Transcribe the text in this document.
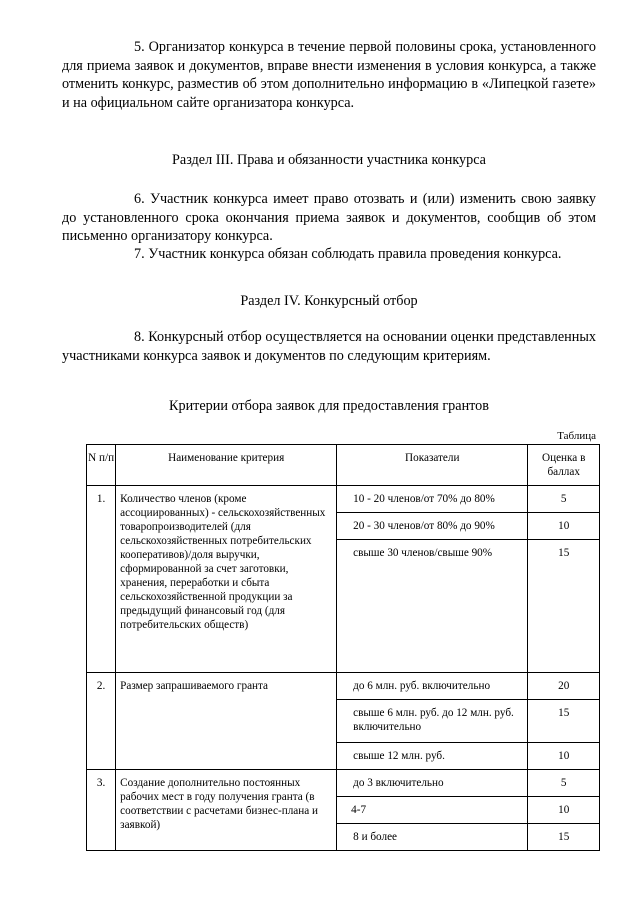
5. Организатор конкурса в течение первой половины срока, установленного для приема заявок и документов, вправе внести изменения в условия конкурса, а также отменить конкурс, разместив об этом дополнительно информацию в «Липецкой газете» и на официальном сайте организатора конкурса.
Раздел III. Права и обязанности участника конкурса
6. Участник конкурса имеет право отозвать и (или) изменить свою заявку до установленного срока окончания приема заявок и документов, сообщив об этом письменно организатору конкурса.
7. Участник конкурса обязан соблюдать правила проведения конкурса.
Раздел IV. Конкурсный отбор
8. Конкурсный отбор осуществляется на основании оценки представленных участниками конкурса заявок и документов по следующим критериям.
Критерии отбора заявок для предоставления грантов
Таблица
N п/п	Наименование критерия	Показатели	Оценка в баллах
1.	Количество членов (кроме ассоциированных) - сельскохозяйственных товаропроизводителей (для сельскохозяйственных потребительских кооперативов)/доля выручки, сформированной за счет заготовки, хранения, переработки и сбыта сельскохозяйственной продукции за предыдущий финансовый год (для потребительских обществ)	10 - 20 членов/от 70% до 80%	5
		20 - 30 членов/от 80% до 90%	10
		свыше 30 членов/свыше 90%	15
2.	Размер запрашиваемого гранта	до 6 млн. руб. включительно	20
		свыше 6 млн. руб. до 12 млн. руб. включительно	15
		свыше 12 млн. руб.	10
3.	Создание дополнительно постоянных рабочих мест в году получения гранта (в соответствии с расчетами бизнес-плана и заявкой)	до 3 включительно	5
		4-7	10
		8 и более	15
